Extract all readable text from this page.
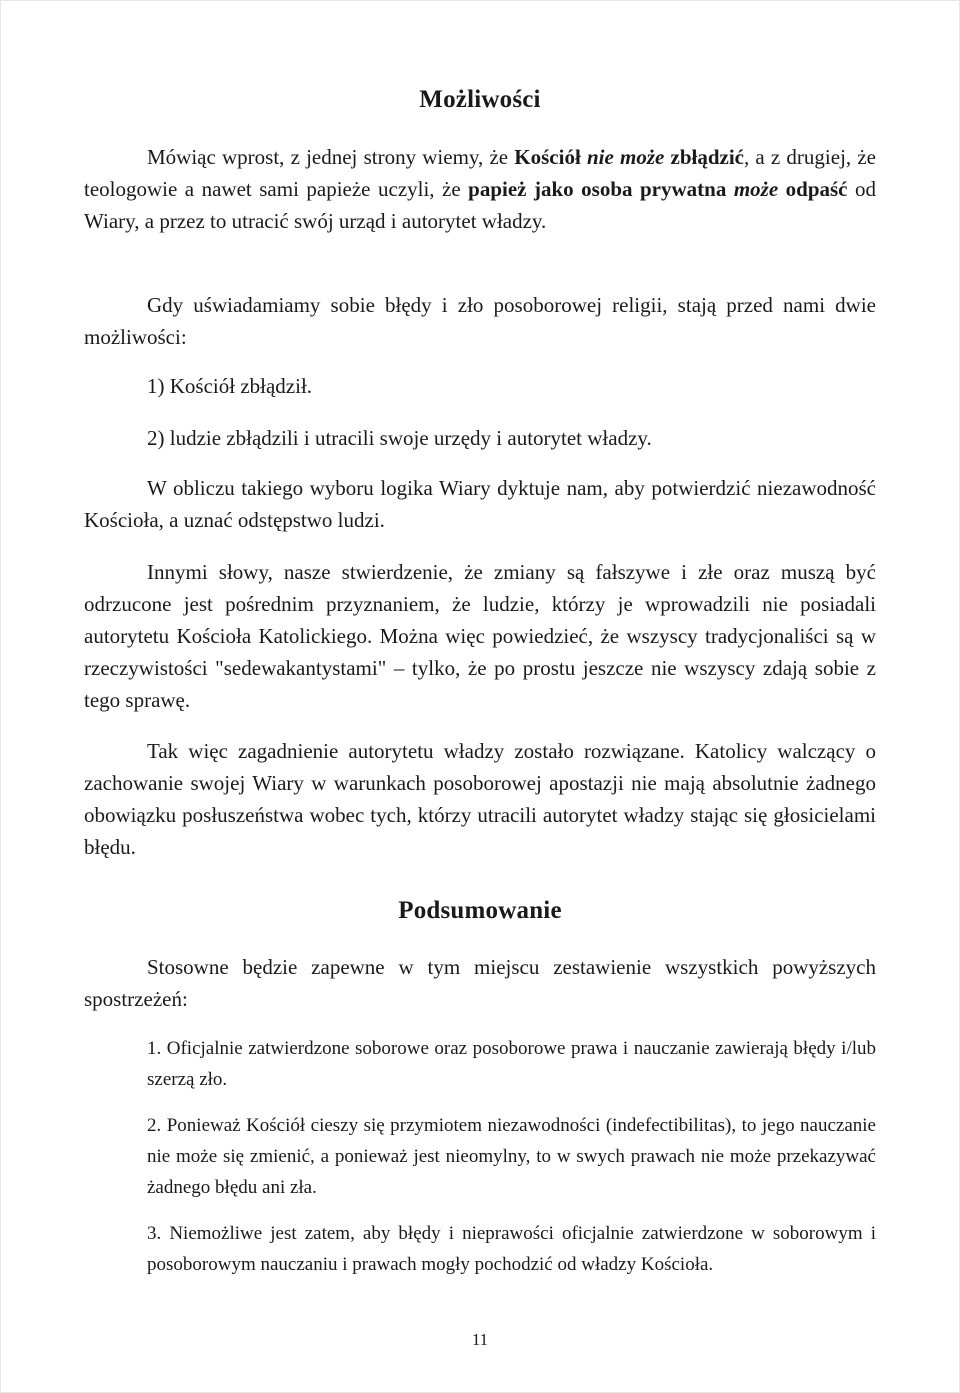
Możliwości

Mówiąc wprost, z jednej strony wiemy, że Kościół nie może zbłądzić, a z drugiej, że teologowie a nawet sami papieże uczyli, że papież jako osoba prywatna może odpaść od Wiary, a przez to utracić swój urząd i autorytet władzy.

Gdy uświadamiamy sobie błędy i zło posoborowej religii, stają przed nami dwie możliwości:

1) Kościół zbłądził.

2) ludzie zbłądzili i utracili swoje urzędy i autorytet władzy.

W obliczu takiego wyboru logika Wiary dyktuje nam, aby potwierdzić niezawodność Kościoła, a uznać odstępstwo ludzi.

Innymi słowy, nasze stwierdzenie, że zmiany są fałszywe i złe oraz muszą być odrzucone jest pośrednim przyznaniem, że ludzie, którzy je wprowadzili nie posiadali autorytetu Kościoła Katolickiego. Można więc powiedzieć, że wszyscy tradycjonaliści są w rzeczywistości "sedewakantystami" – tylko, że po prostu jeszcze nie wszyscy zdają sobie z tego sprawę.

Tak więc zagadnienie autorytetu władzy zostało rozwiązane. Katolicy walczący o zachowanie swojej Wiary w warunkach posoborowej apostazji nie mają absolutnie żadnego obowiązku posłuszeństwa wobec tych, którzy utracili autorytet władzy stając się głosicielami błędu.

Podsumowanie

Stosowne będzie zapewne w tym miejscu zestawienie wszystkich powyższych spostrzeżeń:

1. Oficjalnie zatwierdzone soborowe oraz posoborowe prawa i nauczanie zawierają błędy i/lub szerzą zło.

2. Ponieważ Kościół cieszy się przymiotem niezawodności (indefectibilitas), to jego nauczanie nie może się zmienić, a ponieważ jest nieomylny, to w swych prawach nie może przekazywać żadnego błędu ani zła.

3. Niemożliwe jest zatem, aby błędy i nieprawości oficjalnie zatwierdzone w soborowym i posoborowym nauczaniu i prawach mogły pochodzić od władzy Kościoła.

11
